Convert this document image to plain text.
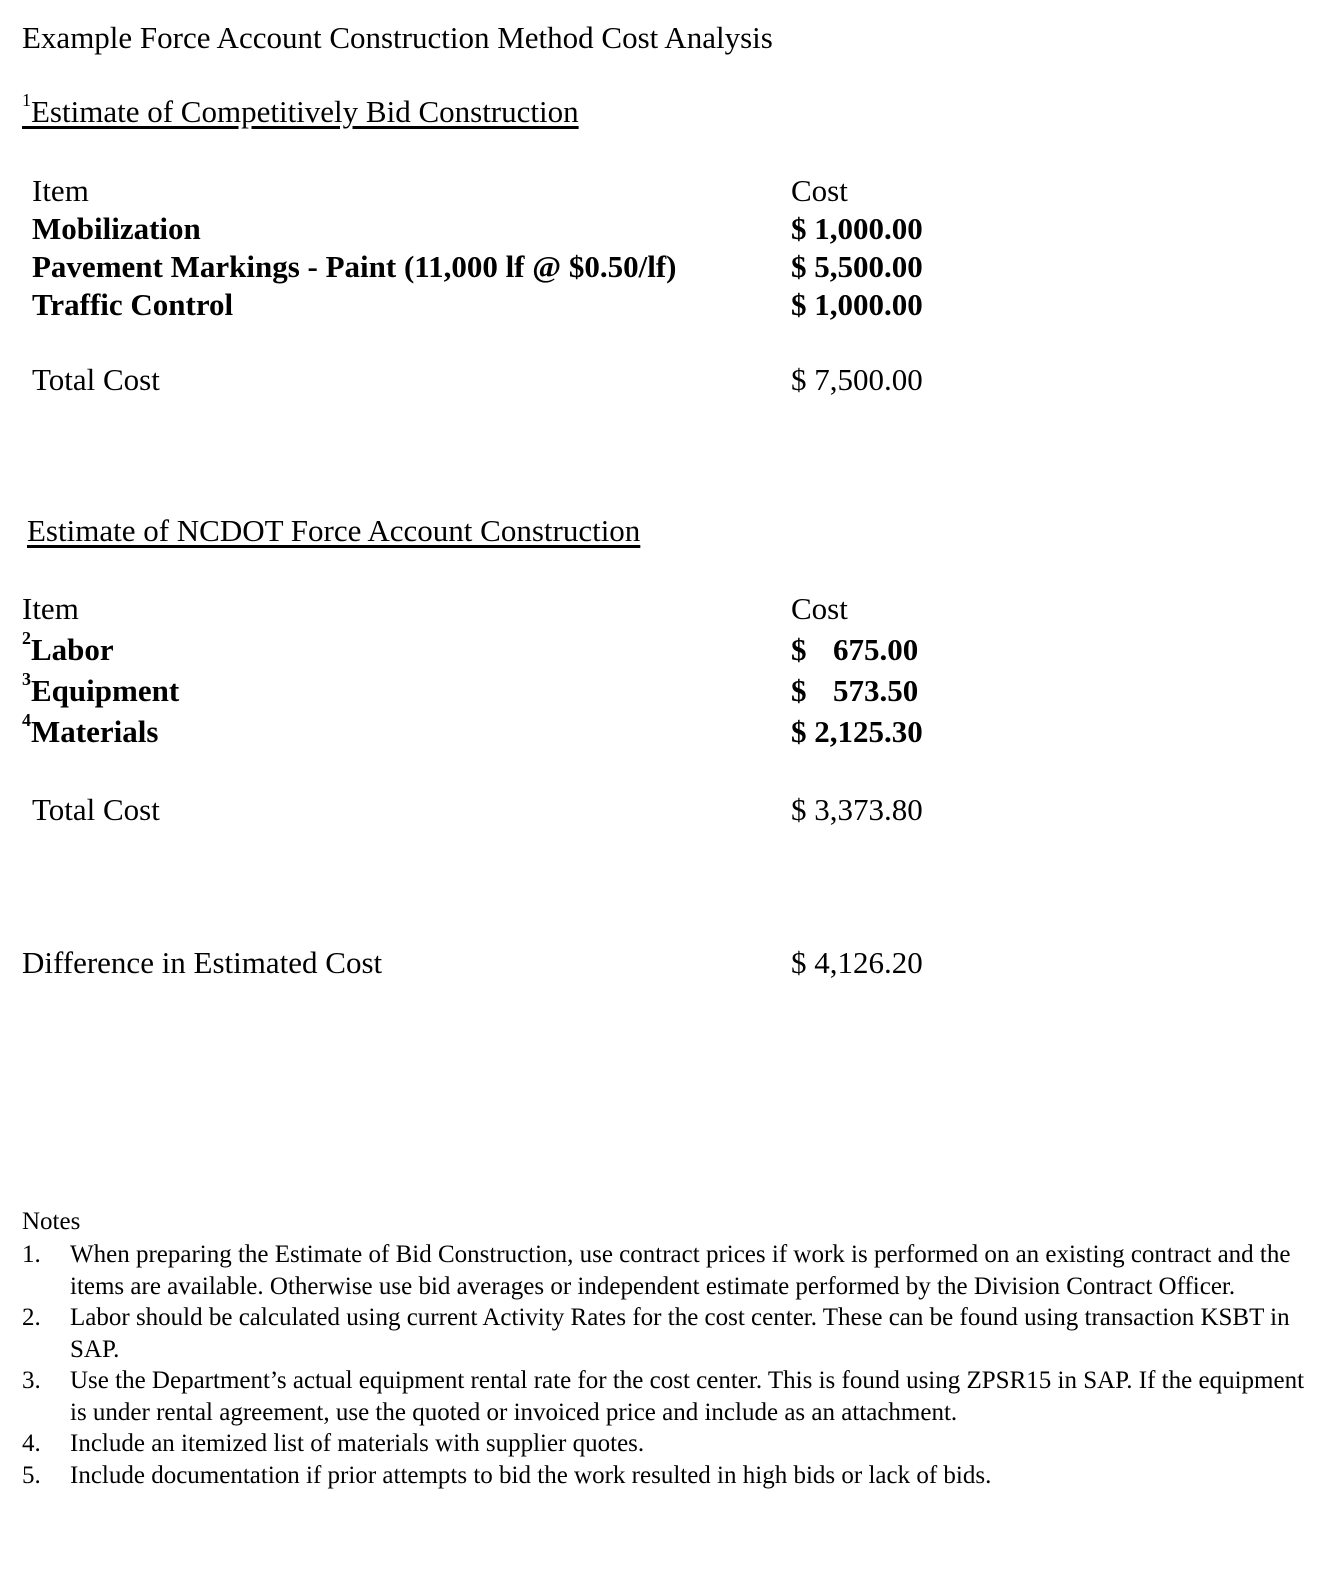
Example Force Account Construction Method Cost Analysis
$^1$Estimate of Competitively Bid Construction
Item	Cost
Mobilization	$ 1,000.00
Pavement Markings - Paint (11,000 lf @ $0.50/lf)	$ 5,500.00
Traffic Control	$ 1,000.00
Total Cost	$ 7,500.00
Estimate of NCDOT Force Account Construction
Item	Cost
$^2$Labor	$ 675.00
$^3$Equipment	$ 573.50
$^4$Materials	$ 2,125.30
Total Cost	$ 3,373.80
Difference in Estimated Cost	$ 4,126.20
Notes
1. When preparing the Estimate of Bid Construction, use contract prices if work is performed on an existing contract and the items are available. Otherwise use bid averages or independent estimate performed by the Division Contract Officer.
2. Labor should be calculated using current Activity Rates for the cost center. These can be found using transaction KSBT in SAP.
3. Use the Department’s actual equipment rental rate for the cost center. This is found using ZPSR15 in SAP. If the equipment is under rental agreement, use the quoted or invoiced price and include as an attachment.
4. Include an itemized list of materials with supplier quotes.
5. Include documentation if prior attempts to bid the work resulted in high bids or lack of bids.
